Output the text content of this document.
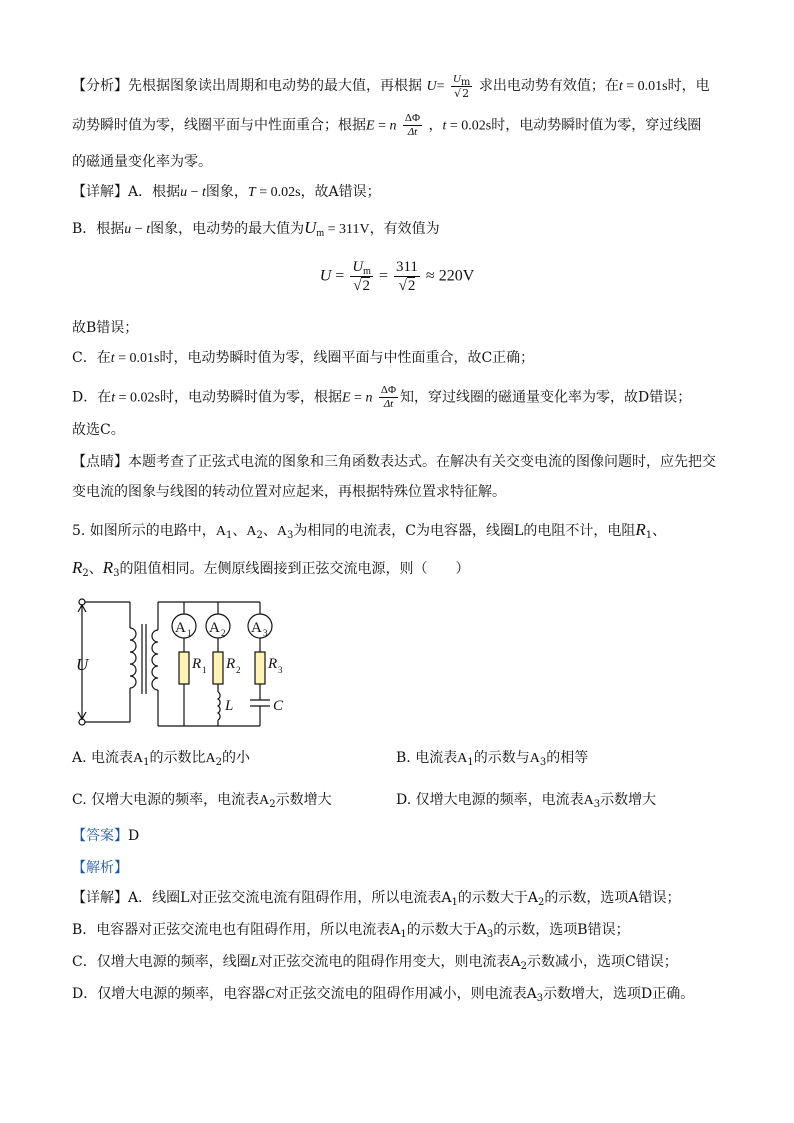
【分析】先根据图象读出周期和电动势的最大值，再根据 $U= \frac{U_m}{√2}$ 求出电动势有效值；在t = 0.01s时，电
动势瞬时值为零，线圈平面与中性面重合；根据E = n $\frac{\Delta\Phi}{\Delta t}$ ，t = 0.02s时，电动势瞬时值为零，穿过线圈
的磁通量变化率为零。
【详解】A．根据u − t图象，T = 0.02s，故A错误；
B．根据u − t图象，电动势的最大值为$U_m = 311V$，有效值为
$U = \frac{U_m}{√2} = \frac{311}{√2} \approx 220V$
故B错误；
C．在t = 0.01s时，电动势瞬时值为零，线圈平面与中性面重合，故C正确；
D．在t = 0.02s时，电动势瞬时值为零，根据E = n $\frac{\Delta\Phi}{\Delta t}$ 知，穿过线圈的磁通量变化率为零，故D错误；
故选C。
【点睛】本题考查了正弦式电流的图象和三角函数表达式。在解决有关交变电流的图像问题时，应先把交
变电流的图象与线图的转动位置对应起来，再根据特殊位置求特征解。
5. 如图所示的电路中，$A_1$、$A_2$、$A_3$为相同的电流表，C为电容器，线圈L的电阻不计，电阻$R_1$、
$R_2$、$R_3$的阻值相同。左侧原线圈接到正弦交流电源，则（　　）
U
A 1 A 2 A 3
R 1 R 2 R 3
L	C
A. 电流表$A_1$的示数比$A_2$的小	B. 电流表$A_1$的示数与$A_3$的相等
C. 仅增大电源的频率，电流表$A_2$示数增大	D. 仅增大电源的频率，电流表$A_3$示数增大
【答案】D
【解析】
【详解】A．线圈L对正弦交流电流有阻碍作用，所以电流表$A_1$的示数大于$A_2$的示数，选项A错误；
B．电容器对正弦交流电也有阻碍作用，所以电流表$A_1$的示数大于$A_3$的示数，选项B错误；
C．仅增大电源的频率，线圈L对正弦交流电的阻碍作用变大，则电流表$A_2$示数减小，选项C错误；
D．仅增大电源的频率，电容器C对正弦交流电的阻碍作用减小，则电流表$A_3$示数增大，选项D正确。
